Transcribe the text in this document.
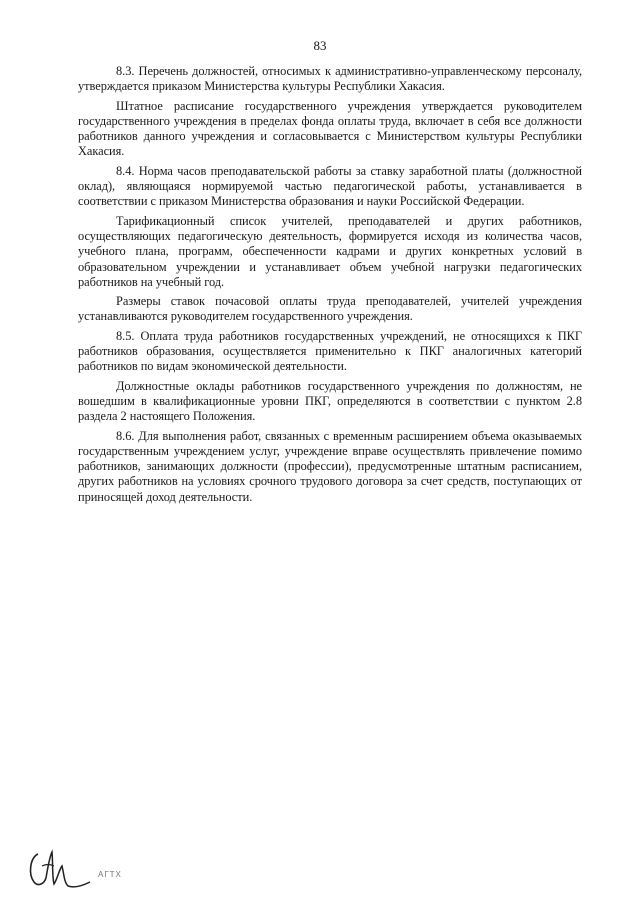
83

8.3. Перечень должностей, относимых к административно-управленческому персоналу, утверждается приказом Министерства культуры Республики Хакасия.

Штатное расписание государственного учреждения утверждается руководителем государственного учреждения в пределах фонда оплаты труда, включает в себя все должности работников данного учреждения и согласовывается с Министерством культуры Республики Хакасия.

8.4. Норма часов преподавательской работы за ставку заработной платы (должностной оклад), являющаяся нормируемой частью педагогической работы, устанавливается в соответствии с приказом Министерства образования и науки Российской Федерации.

Тарификационный список учителей, преподавателей и других работников, осуществляющих педагогическую деятельность, формируется исходя из количества часов, учебного плана, программ, обеспеченности кадрами и других конкретных условий в образовательном учреждении и устанавливает объем учебной нагрузки педагогических работников на учебный год.

Размеры ставок почасовой оплаты труда преподавателей, учителей учреждения устанавливаются руководителем государственного учреждения.

8.5. Оплата труда работников государственных учреждений, не относящихся к ПКГ работников образования, осуществляется применительно к ПКГ аналогичных категорий работников по видам экономической деятельности.

Должностные оклады работников государственного учреждения по должностям, не вошедшим в квалификационные уровни ПКГ, определяются в соответствии с пунктом 2.8 раздела 2 настоящего Положения.

8.6. Для выполнения работ, связанных с временным расширением объема оказываемых государственным учреждением услуг, учреждение вправе осуществлять привлечение помимо работников, занимающих должности (профессии), предусмотренные штатным расписанием, других работников на условиях срочного трудового договора за счет средств, поступающих от приносящей доход деятельности.

АГТХ
